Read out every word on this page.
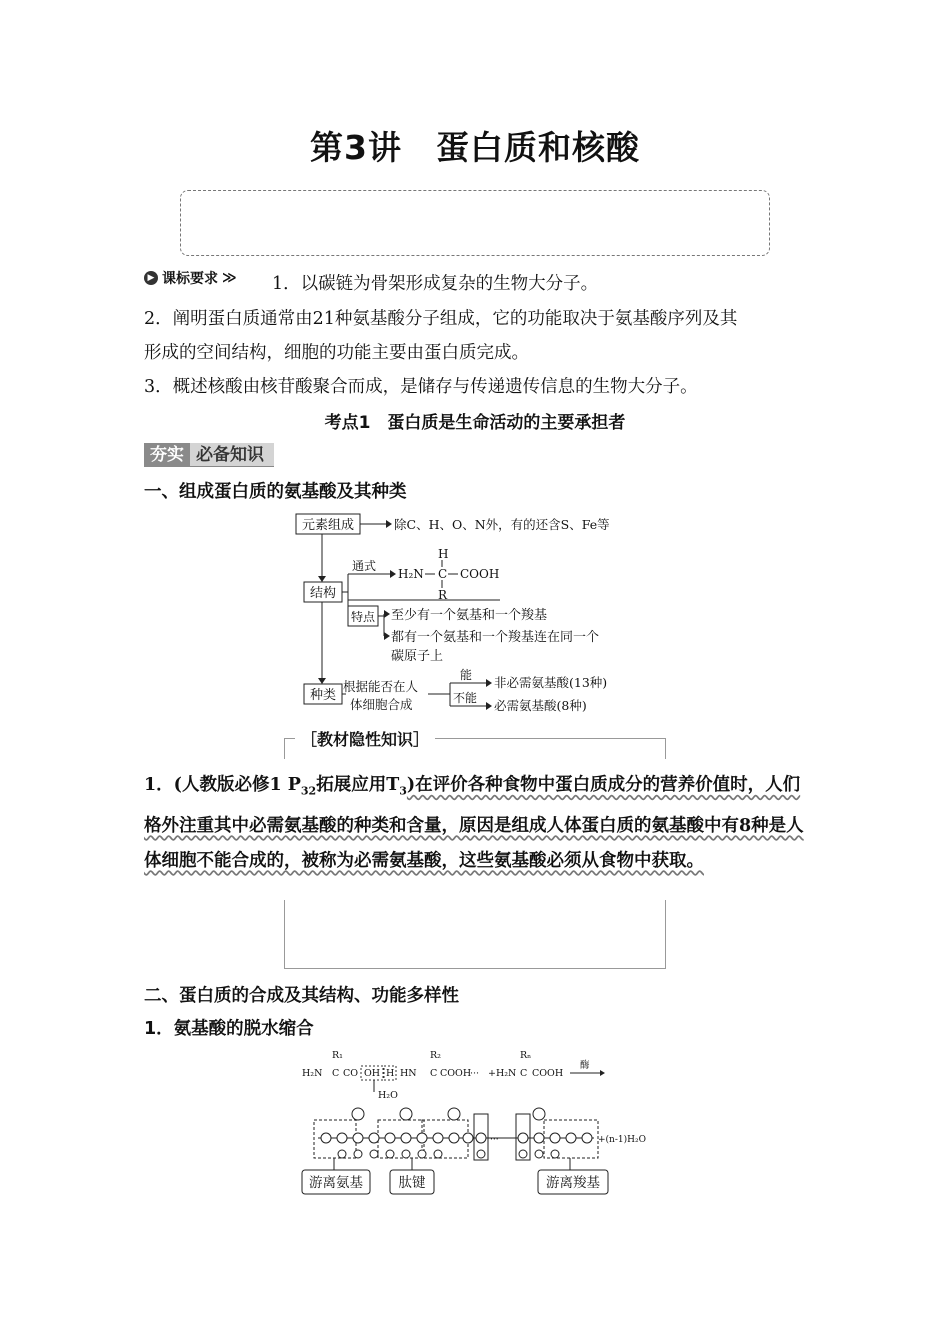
第3讲　蛋白质和核酸
▶ 课标要求 ≫ 1．以碳链为骨架形成复杂的生物大分子。
2．阐明蛋白质通常由21种氨基酸分子组成，它的功能取决于氨基酸序列及其
形成的空间结构，细胞的功能主要由蛋白质完成。
3．概述核酸由核苷酸聚合而成，是储存与传递遗传信息的生物大分子。
考点1　蛋白质是生命活动的主要承担者
夯实 必备知识
一、组成蛋白质的氨基酸及其种类
元素组成	除C、H、O、N外，有的还含S、Fe等
结构
通式
H₂N
H
C
R
COOH
特点 至少有一个氨基和一个羧基
都有一个氨基和一个羧基连在同一个
碳原子上
种类
根据能否在人
体细胞合成
能
不能
非必需氨基酸(13种)
必需氨基酸(8种)
［教材隐性知识］
1．(人教版必修1 $P_{32}$拓展应用$T_3$)在评价各种食物中蛋白质成分的营养价值时，人们格外注重其中必需氨基酸的种类和含量，原因是组成人体蛋白质的氨基酸中有8种是人体细胞不能合成的，被称为必需氨基酸，这些氨基酸必须从食物中获取。
二、蛋白质的合成及其结构、功能多样性
1．氨基酸的脱水缩合
R₁	R₂	Rₙ
H₂N C CO OH H HN C COOH
··· +H₂N C COOH
酶
H₂O
···	+(n-1)H₂O
游离氨基	肽键	游离羧基
